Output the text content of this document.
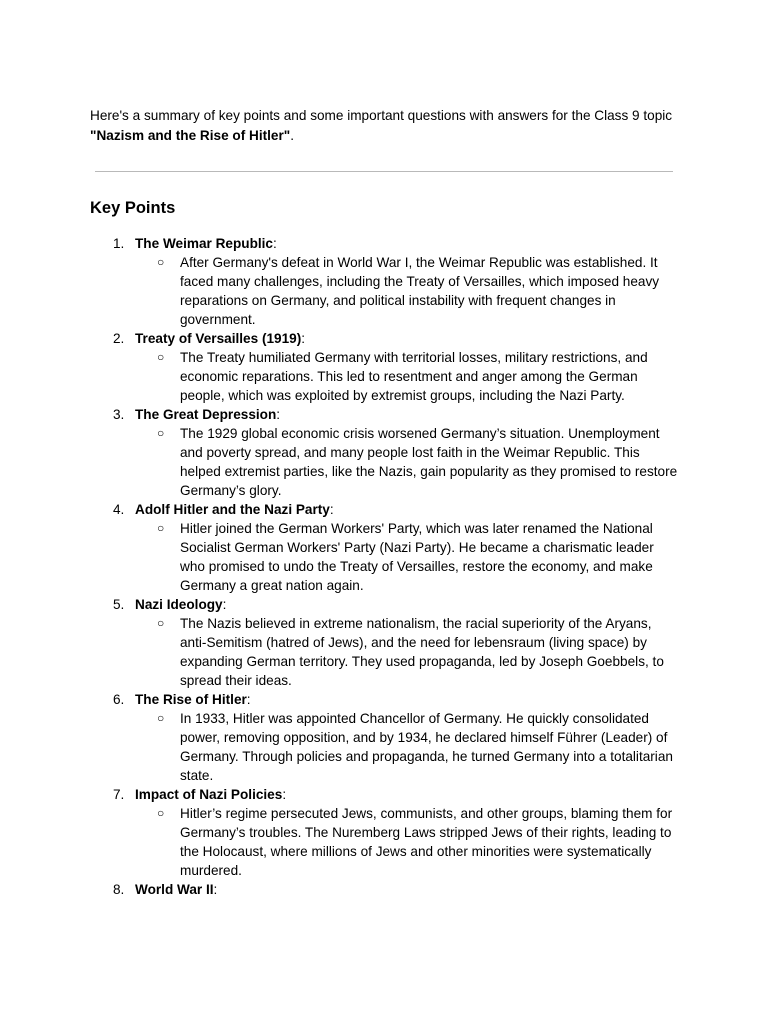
Here's a summary of key points and some important questions with answers for the Class 9 topic "Nazism and the Rise of Hitler".

Key Points
1. The Weimar Republic:
○ After Germany's defeat in World War I, the Weimar Republic was established. It faced many challenges, including the Treaty of Versailles, which imposed heavy reparations on Germany, and political instability with frequent changes in government.
2. Treaty of Versailles (1919):
○ The Treaty humiliated Germany with territorial losses, military restrictions, and economic reparations. This led to resentment and anger among the German people, which was exploited by extremist groups, including the Nazi Party.
3. The Great Depression:
○ The 1929 global economic crisis worsened Germany’s situation. Unemployment and poverty spread, and many people lost faith in the Weimar Republic. This helped extremist parties, like the Nazis, gain popularity as they promised to restore Germany’s glory.
4. Adolf Hitler and the Nazi Party:
○ Hitler joined the German Workers' Party, which was later renamed the National Socialist German Workers' Party (Nazi Party). He became a charismatic leader who promised to undo the Treaty of Versailles, restore the economy, and make Germany a great nation again.
5. Nazi Ideology:
○ The Nazis believed in extreme nationalism, the racial superiority of the Aryans, anti-Semitism (hatred of Jews), and the need for lebensraum (living space) by expanding German territory. They used propaganda, led by Joseph Goebbels, to spread their ideas.
6. The Rise of Hitler:
○ In 1933, Hitler was appointed Chancellor of Germany. He quickly consolidated power, removing opposition, and by 1934, he declared himself Führer (Leader) of Germany. Through policies and propaganda, he turned Germany into a totalitarian state.
7. Impact of Nazi Policies:
○ Hitler’s regime persecuted Jews, communists, and other groups, blaming them for Germany’s troubles. The Nuremberg Laws stripped Jews of their rights, leading to the Holocaust, where millions of Jews and other minorities were systematically murdered.
8. World War II:
